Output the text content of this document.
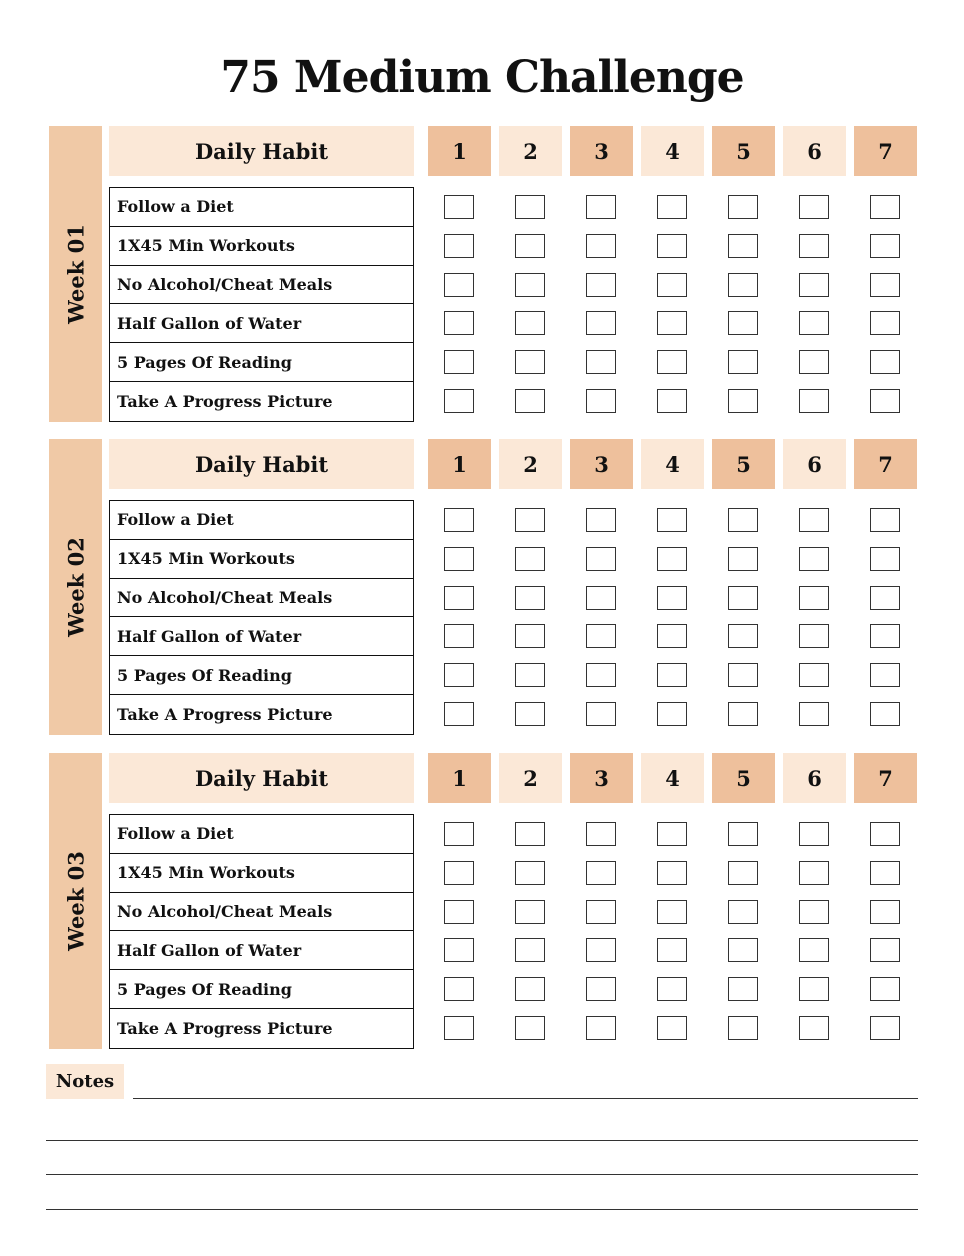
75 Medium Challenge
Week 01
Daily Habit	1	2	3	4	5	6	7
Follow a Diet
1X45 Min Workouts
No Alcohol/Cheat Meals
Half Gallon of Water
5 Pages Of Reading
Take A Progress Picture
Week 02
Daily Habit	1	2	3	4	5	6	7
Follow a Diet
1X45 Min Workouts
No Alcohol/Cheat Meals
Half Gallon of Water
5 Pages Of Reading
Take A Progress Picture
Week 03
Daily Habit	1	2	3	4	5	6	7
Follow a Diet
1X45 Min Workouts
No Alcohol/Cheat Meals
Half Gallon of Water
5 Pages Of Reading
Take A Progress Picture
Notes
